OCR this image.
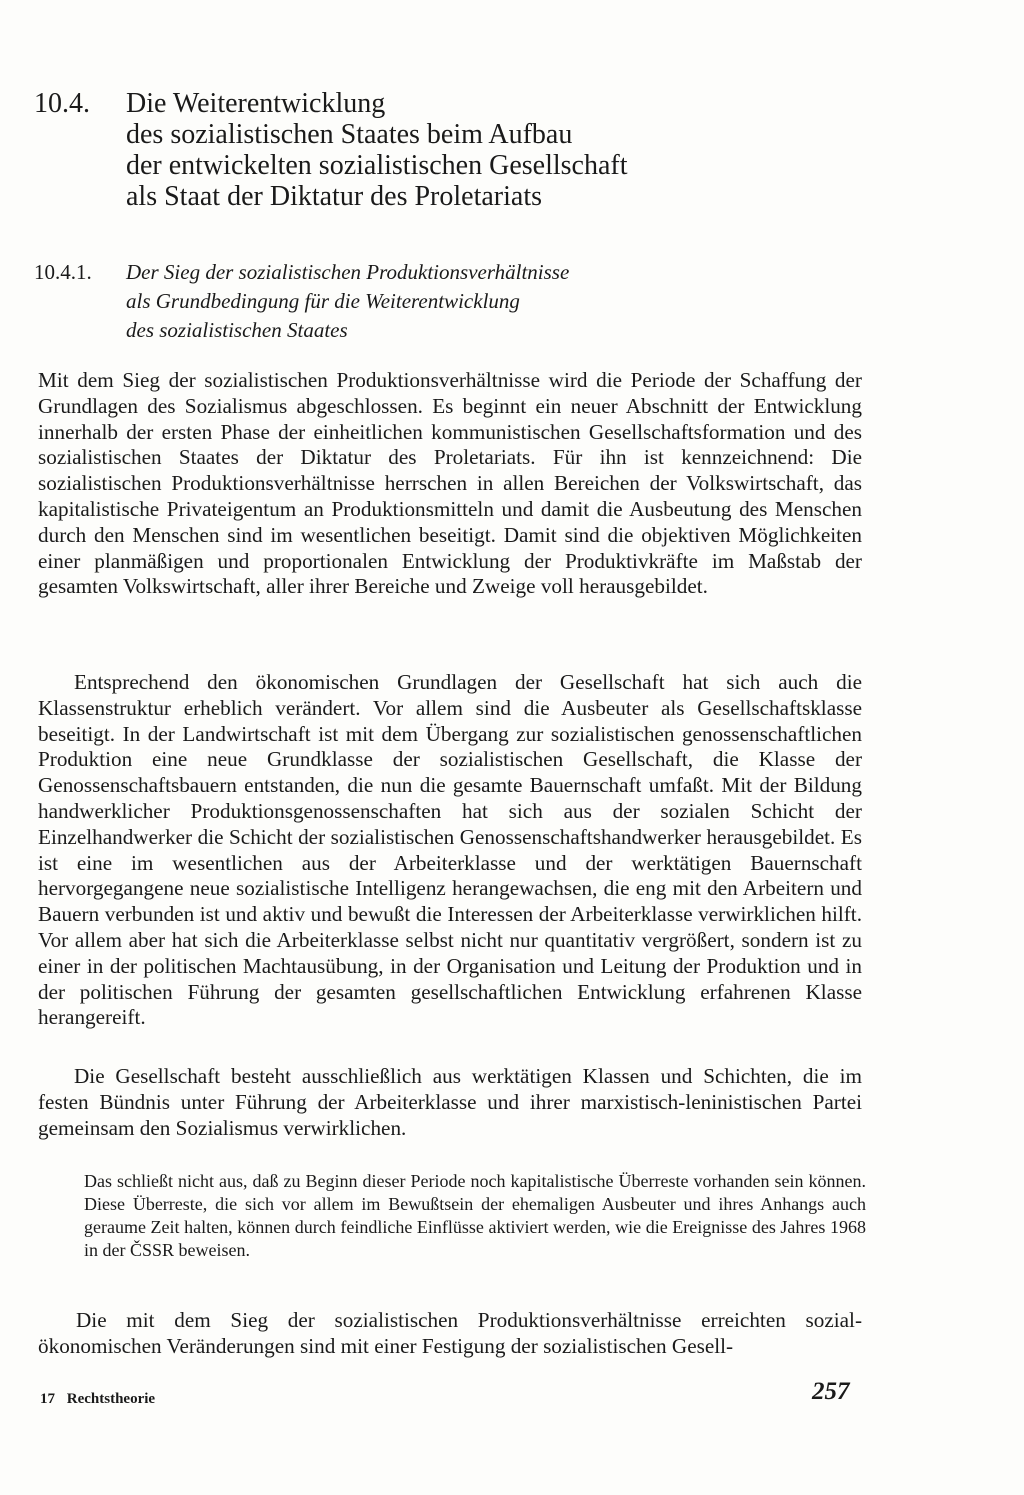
10.4. Die Weiterentwicklung
des sozialistischen Staates beim Aufbau
der entwickelten sozialistischen Gesellschaft
als Staat der Diktatur des Proletariats
10.4.1. Der Sieg der sozialistischen Produktionsverhältnisse
als Grundbedingung für die Weiterentwicklung
des sozialistischen Staates

Mit dem Sieg der sozialistischen Produktionsverhältnisse wird die Periode der Schaffung der Grundlagen des Sozialismus abgeschlossen. Es beginnt ein neuer Abschnitt der Entwicklung innerhalb der ersten Phase der einheitlichen kommunistischen Gesellschaftsformation und des sozialistischen Staates der Diktatur des Proletariats. Für ihn ist kennzeichnend: Die sozialistischen Produktionsverhältnisse herrschen in allen Bereichen der Volkswirtschaft, das kapitalistische Privateigentum an Produktionsmitteln und damit die Ausbeutung des Menschen durch den Menschen sind im wesentlichen beseitigt. Damit sind die objektiven Möglichkeiten einer planmäßigen und proportionalen Entwicklung der Produktivkräfte im Maßstab der gesamten Volkswirtschaft, aller ihrer Bereiche und Zweige voll herausgebildet.

Entsprechend den ökonomischen Grundlagen der Gesellschaft hat sich auch die Klassenstruktur erheblich verändert. Vor allem sind die Ausbeuter als Gesellschaftsklasse beseitigt. In der Landwirtschaft ist mit dem Übergang zur sozialistischen genossenschaftlichen Produktion eine neue Grundklasse der sozialistischen Gesellschaft, die Klasse der Genossenschaftsbauern entstanden, die nun die gesamte Bauernschaft umfaßt. Mit der Bildung handwerklicher Produktionsgenossenschaften hat sich aus der sozialen Schicht der Einzelhandwerker die Schicht der sozialistischen Genossenschaftshandwerker herausgebildet. Es ist eine im wesentlichen aus der Arbeiterklasse und der werktätigen Bauernschaft hervorgegangene neue sozialistische Intelligenz herangewachsen, die eng mit den Arbeitern und Bauern verbunden ist und aktiv und bewußt die Interessen der Arbeiterklasse verwirklichen hilft. Vor allem aber hat sich die Arbeiterklasse selbst nicht nur quantitativ vergrößert, sondern ist zu einer in der politischen Machtausübung, in der Organisation und Leitung der Produktion und in der politischen Führung der gesamten gesellschaftlichen Entwicklung erfahrenen Klasse herangereift.

Die Gesellschaft besteht ausschließlich aus werktätigen Klassen und Schichten, die im festen Bündnis unter Führung der Arbeiterklasse und ihrer marxistisch-leninistischen Partei gemeinsam den Sozialismus verwirklichen.

Das schließt nicht aus, daß zu Beginn dieser Periode noch kapitalistische Überreste vorhanden sein können. Diese Überreste, die sich vor allem im Bewußtsein der ehemaligen Ausbeuter und ihres Anhangs auch geraume Zeit halten, können durch feindliche Einflüsse aktiviert werden, wie die Ereignisse des Jahres 1968 in der ČSSR beweisen.
Die mit dem Sieg der sozialistischen Produktionsverhältnisse erreichten sozialökonomischen Veränderungen sind mit einer Festigung der sozialistischen Gesell-
17 Rechtstheorie	257
